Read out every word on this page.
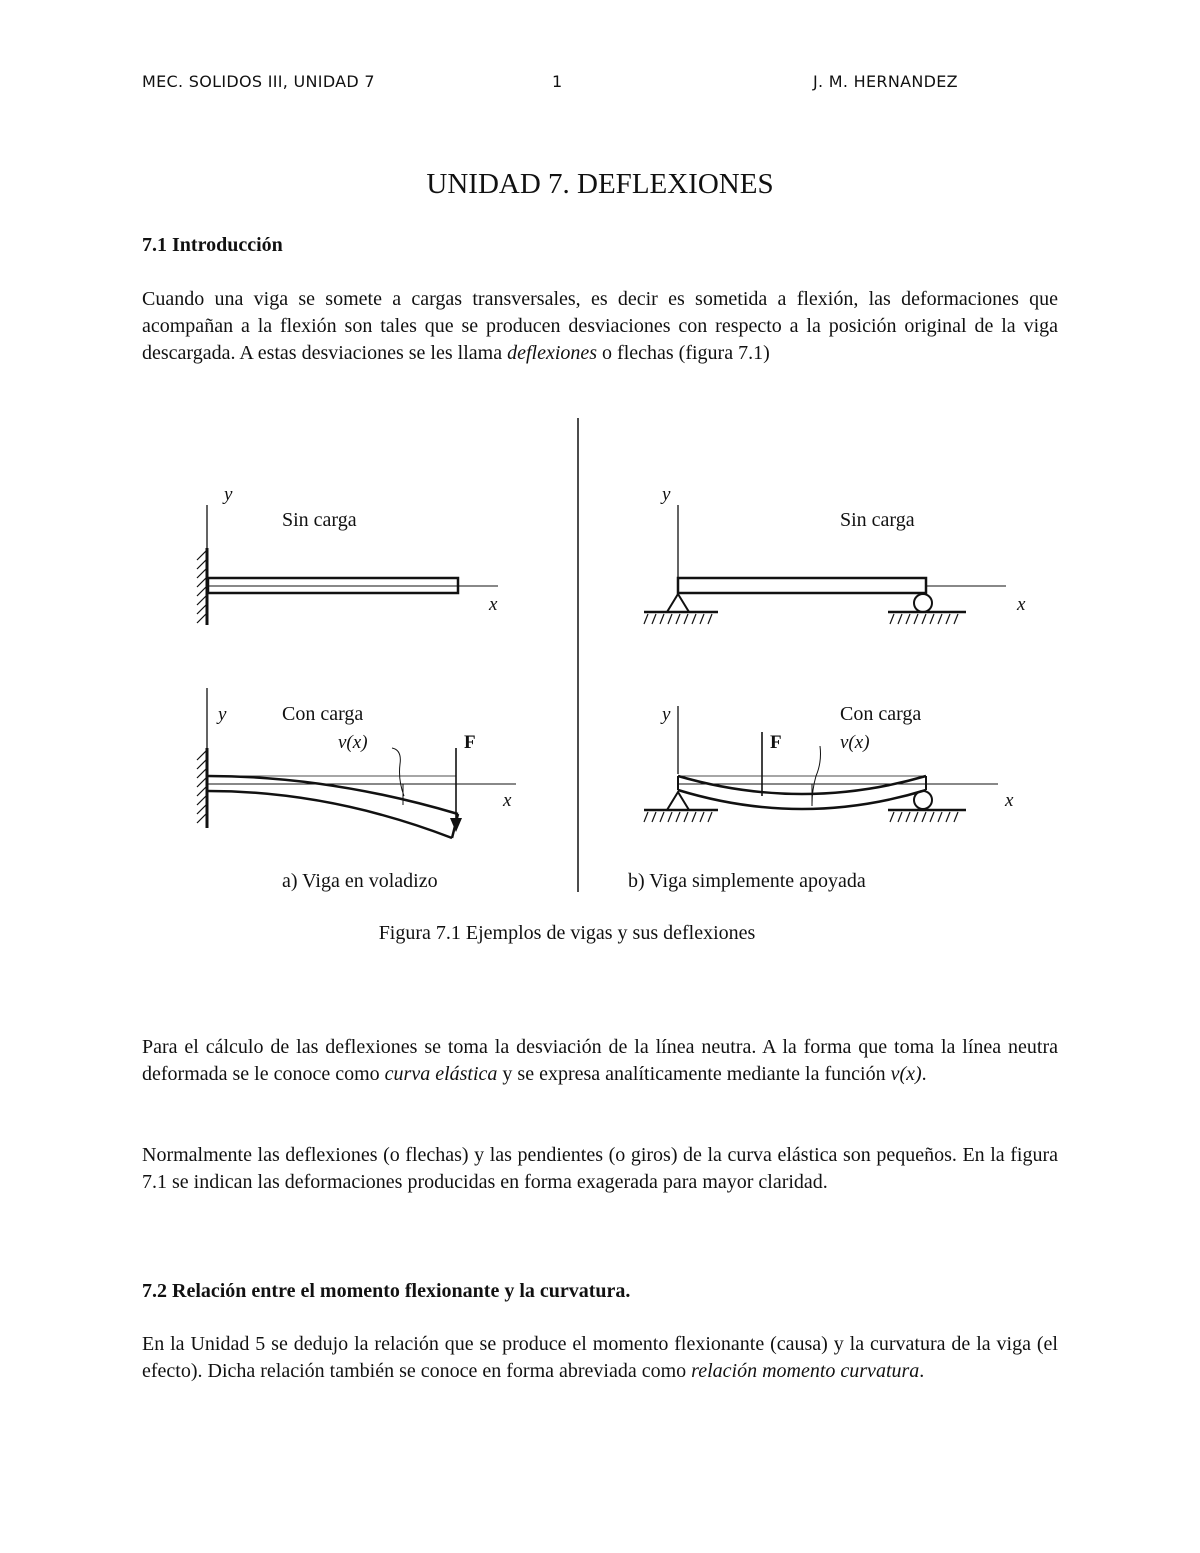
MEC. SOLIDOS III, UNIDAD 7	1	J. M. HERNANDEZ
UNIDAD 7. DEFLEXIONES
7.1 Introducción
Cuando una viga se somete a cargas transversales, es decir es sometida a flexión, las deformaciones que acompañan a la flexión son tales que se producen desviaciones con respecto a la posición original de la viga descargada. A estas desviaciones se les llama deflexiones o flechas (figura 7.1)
y
x
Sin carga
y
x
Con carga
v(x)	F
a) Viga en voladizo
y
x
Sin carga
y
x
Con carga
F	v(x)
b) Viga simplemente apoyada
Figura 7.1 Ejemplos de vigas y sus deflexiones
Para el cálculo de las deflexiones se toma la desviación de la línea neutra. A la forma que toma la línea neutra deformada se le conoce como curva elástica y se expresa analíticamente mediante la función v(x).
Normalmente las deflexiones (o flechas) y las pendientes (o giros) de la curva elástica son pequeños. En la figura 7.1 se indican las deformaciones producidas en forma exagerada para mayor claridad.
7.2 Relación entre el momento flexionante y la curvatura.
En la Unidad 5 se dedujo la relación que se produce el momento flexionante (causa) y la curvatura de la viga (el efecto). Dicha relación también se conoce en forma abreviada como relación momento curvatura.
